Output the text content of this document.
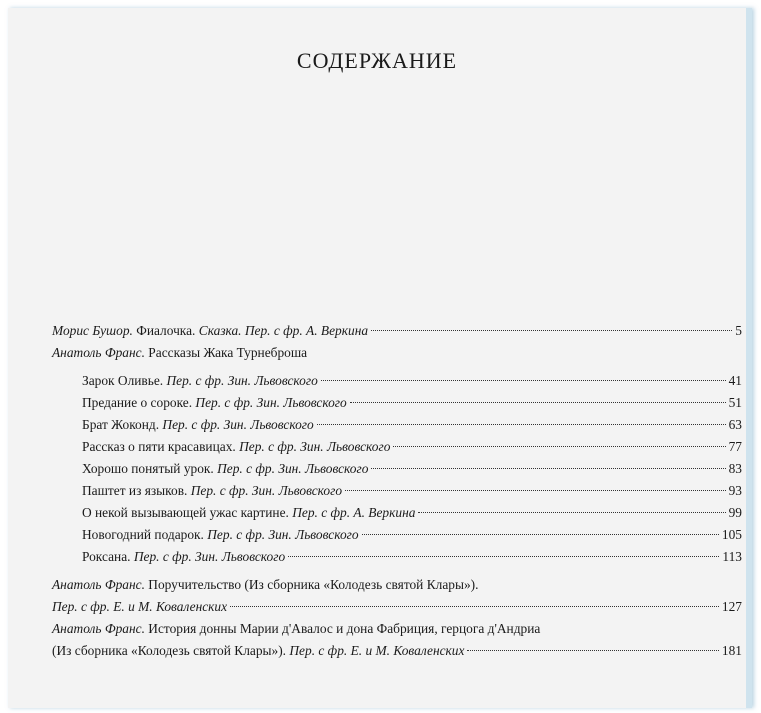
СОДЕРЖАНИЕ
Морис Бушор.
Фиалочка.
Сказка. Пер. с фр. А. Веркина	5
Анатоль Франс.
Рассказы Жака Турнеброша
Зарок Оливье.
Пер. с фр. Зин. Львовского	41
Предание о сороке.
Пер. с фр. Зин. Львовского	51
Брат Жоконд.
Пер. с фр. Зин. Львовского	63
Рассказ о пяти красавицах.
Пер. с фр. Зин. Львовского	77
Хорошо понятый урок.
Пер. с фр. Зин. Львовского	83
Паштет из языков.
Пер. с фр. Зин. Львовского	93
О некой вызывающей ужас картине.
Пер. с фр. А. Веркина	99
Новогодний подарок.
Пер. с фр. Зин. Львовского	105
Роксана.
Пер. с фр. Зин. Львовского	113
Анатоль Франс.
Поручительство (Из сборника «Колодезь святой Клары»).
Пер. с фр. Е. и М. Коваленских	127
Анатоль Франс.
История донны Марии д'Авалос и дона Фабриция, герцога д'Андриа
(Из сборника «Колодезь святой Клары»).
Пер. с фр. Е. и М. Коваленских	181
